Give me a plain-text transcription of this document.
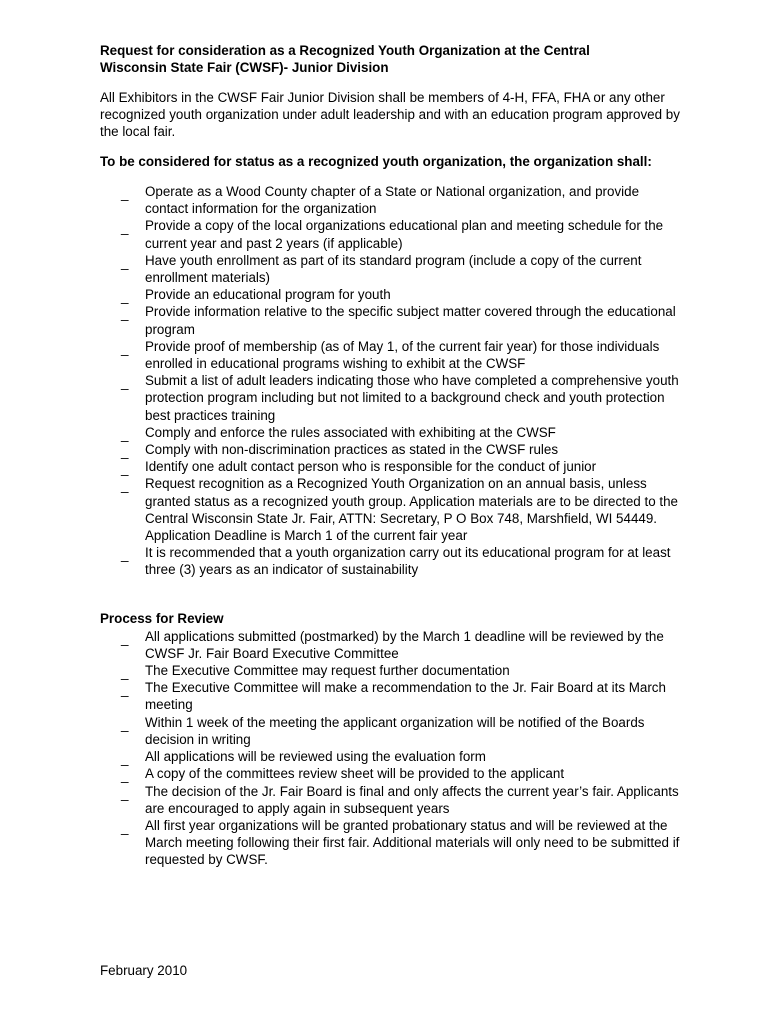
Request for consideration as a Recognized Youth Organization at the Central
Wisconsin State Fair (CWSF)- Junior Division
All Exhibitors in the CWSF Fair Junior Division shall be members of 4-H, FFA, FHA or any other recognized youth organization under adult leadership and with an education program approved by the local fair.
To be considered for status as a recognized youth organization, the organization shall:
_ Operate as a Wood County chapter of a State or National organization, and provide contact information for the organization
_ Provide a copy of the local organizations educational plan and meeting schedule for the current year and past 2 years (if applicable)
_ Have youth enrollment as part of its standard program (include a copy of the current enrollment materials)
_ Provide an educational program for youth
_ Provide information relative to the specific subject matter covered through the educational program
_ Provide proof of membership (as of May 1, of the current fair year) for those individuals enrolled in educational programs wishing to exhibit at the CWSF
_ Submit a list of adult leaders indicating those who have completed a comprehensive youth protection program including but not limited to a background check and youth protection best practices training
_ Comply and enforce the rules associated with exhibiting at the CWSF
_ Comply with non-discrimination practices as stated in the CWSF rules
_ Identify one adult contact person who is responsible for the conduct of junior
_ Request recognition as a Recognized Youth Organization on an annual basis, unless granted status as a recognized youth group. Application materials are to be directed to the Central Wisconsin State Jr. Fair, ATTN: Secretary, P O Box 748, Marshfield, WI 54449. Application Deadline is March 1 of the current fair year
_ It is recommended that a youth organization carry out its educational program for at least three (3) years as an indicator of sustainability
Process for Review
_ All applications submitted (postmarked) by the March 1 deadline will be reviewed by the CWSF Jr. Fair Board Executive Committee
_ The Executive Committee may request further documentation
_ The Executive Committee will make a recommendation to the Jr. Fair Board at its March meeting
_ Within 1 week of the meeting the applicant organization will be notified of the Boards decision in writing
_ All applications will be reviewed using the evaluation form
_ A copy of the committees review sheet will be provided to the applicant
_ The decision of the Jr. Fair Board is final and only affects the current year’s fair. Applicants are encouraged to apply again in subsequent years
_ All first year organizations will be granted probationary status and will be reviewed at the March meeting following their first fair. Additional materials will only need to be submitted if requested by CWSF.
February 2010
